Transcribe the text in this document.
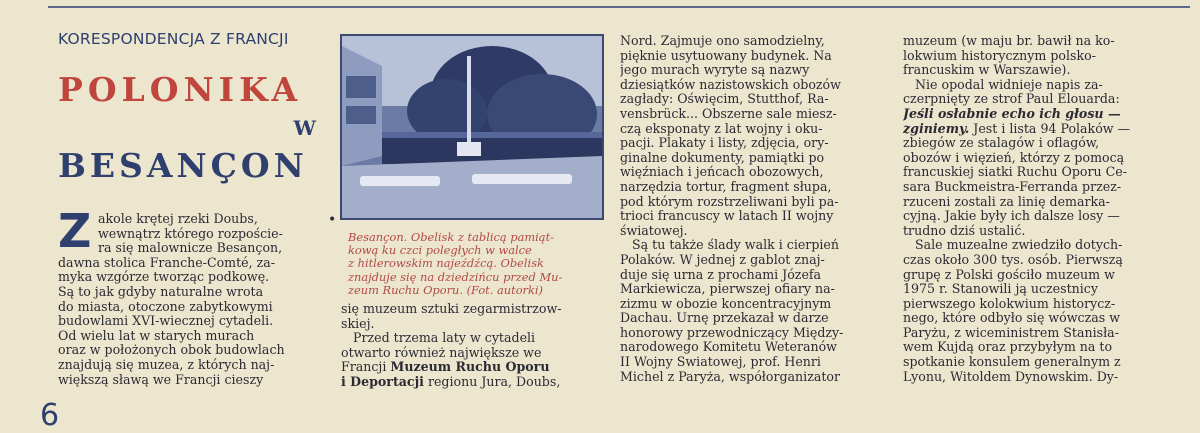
KORESPONDENCJA Z FRANCJI
POLONIKA
W
BESANÇON
Besançon. Obelisk z tablicą pamiąt-
kową ku czci poległych w walce
z hitlerowskim najeźdźcą. Obelisk
znajduje się na dziedzińcu przed Mu-
zeum Ruchu Oporu. (Fot. autorki)
•
Z akole krętej rzeki Doubs,
wewnątrz którego rozpoście-
ra się malownicze Besançon,
dawna stolica Franche-Comté, za-
myka wzgórze tworząc podkowę.
Są to jak gdyby naturalne wrota
do miasta, otoczone zabytkowymi
budowlami XVI-wiecznej cytadeli.
Od wielu lat w starych murach
oraz w położonych obok budowlach
znajdują się muzea, z których naj-
większą sławą we Francji cieszy
się muzeum sztuki zegarmistrzow-
skiej.
Przed trzema laty w cytadeli
otwarto również największe we
Francji Muzeum Ruchu Oporu
i Deportacji regionu Jura, Doubs,
Nord. Zajmuje ono samodzielny,
pięknie usytuowany budynek. Na
jego murach wyryte są nazwy
dziesiątków nazistowskich obozów
zagłady: Oświęcim, Stutthof, Ra-
vensbrück... Obszerne sale miesz-
czą eksponaty z lat wojny i oku-
pacji. Plakaty i listy, zdjęcia, ory-
ginalne dokumenty, pamiątki po
więźniach i jeńcach obozowych,
narzędzia tortur, fragment słupa,
pod którym rozstrzeliwani byli pa-
trioci francuscy w latach II wojny
światowej.
Są tu także ślady walk i cierpień
Polaków. W jednej z gablot znaj-
duje się urna z prochami Józefa
Markiewicza, pierwszej ofiary na-
zizmu w obozie koncentracyjnym
Dachau. Urnę przekazał w darze
honorowy przewodniczący Między-
narodowego Komitetu Weteranów
II Wojny Światowej, prof. Henri
Michel z Paryża, współorganizator
muzeum (w maju br. bawił na ko-
lokwium historycznym polsko-
francuskim w Warszawie).
Nie opodal widnieje napis za-
czerpnięty ze strof Paul Elouarda:
Jeśli osłabnie echo ich głosu —
zginiemy. Jest i lista 94 Polaków —
zbiegów ze stalagów i oflagów,
obozów i więzień, którzy z pomocą
francuskiej siatki Ruchu Oporu Ce-
sara Buckmeistra-Ferranda przez-
rzuceni zostali za linię demarka-
cyjną. Jakie były ich dalsze losy —
trudno dziś ustalić.
Sale muzealne zwiedziło dotych-
czas około 300 tys. osób. Pierwszą
grupę z Polski gościło muzeum w
1975 r. Stanowili ją uczestnicy
pierwszego kolokwium historycz-
nego, które odbyło się wówczas w
Paryżu, z wiceministrem Stanisła-
wem Kujdą oraz przybyłym na to
spotkanie konsulem generalnym z
Lyonu, Witoldem Dynowskim. Dy-
6
